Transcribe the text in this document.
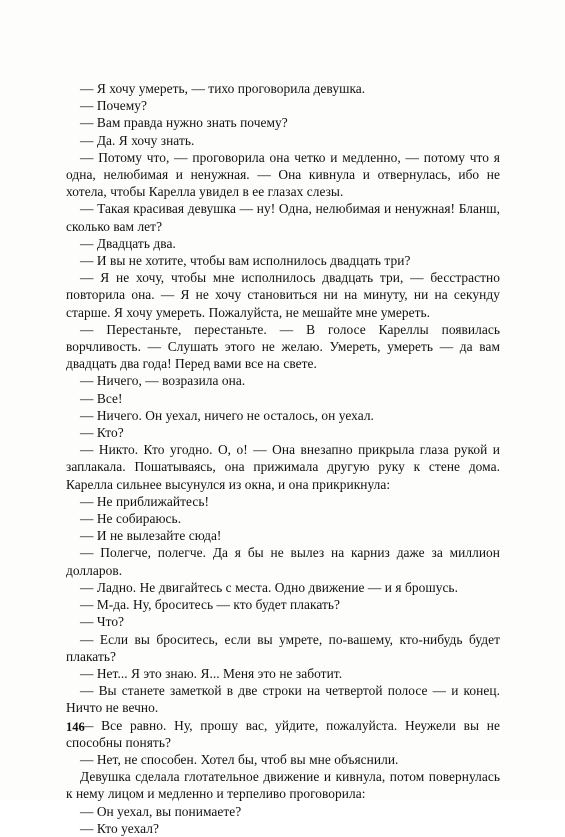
— Я хочу умереть, — тихо проговорила девушка.

— Почему?

— Вам правда нужно знать почему?

— Да. Я хочу знать.

— Потому что, — проговорила она четко и медленно, — потому что я одна, нелюбимая и ненужная. — Она кивнула и отвернулась, ибо не хотела, чтобы Карелла увидел в ее глазах слезы.

— Такая красивая девушка — ну! Одна, нелюбимая и ненужная! Бланш, сколько вам лет?

— Двадцать два.

— И вы не хотите, чтобы вам исполнилось двадцать три?

— Я не хочу, чтобы мне исполнилось двадцать три, — бесстрастно повторила она. — Я не хочу становиться ни на минуту, ни на секунду старше. Я хочу умереть. Пожалуйста, не мешайте мне умереть.

— Перестаньте, перестаньте. — В голосе Кареллы появилась ворчливость. — Слушать этого не желаю. Умереть, умереть — да вам двадцать два года! Перед вами все на свете.

— Ничего, — возразила она.

— Все!

— Ничего. Он уехал, ничего не осталось, он уехал.

— Кто?

— Никто. Кто угодно. О, о! — Она внезапно прикрыла глаза рукой и заплакала. Пошатываясь, она прижимала другую руку к стене дома. Карелла сильнее высунулся из окна, и она прикрикнула:

— Не приближайтесь!

— Не собираюсь.

— И не вылезайте сюда!

— Полегче, полегче. Да я бы не вылез на карниз даже за миллион долларов.

— Ладно. Не двигайтесь с места. Одно движение — и я брошусь.

— М-да. Ну, броситесь — кто будет плакать?

— Что?

— Если вы броситесь, если вы умрете, по-вашему, кто-нибудь будет плакать?

— Нет... Я это знаю. Я... Меня это не заботит.

— Вы станете заметкой в две строки на четвертой полосе — и конец. Ничто не вечно.

— Все равно. Ну, прошу вас, уйдите, пожалуйста. Неужели вы не способны понять?

— Нет, не способен. Хотел бы, чтоб вы мне объяснили.

Девушка сделала глотательное движение и кивнула, потом повернулась к нему лицом и медленно и терпеливо проговорила:

— Он уехал, вы понимаете?

— Кто уехал?

146
